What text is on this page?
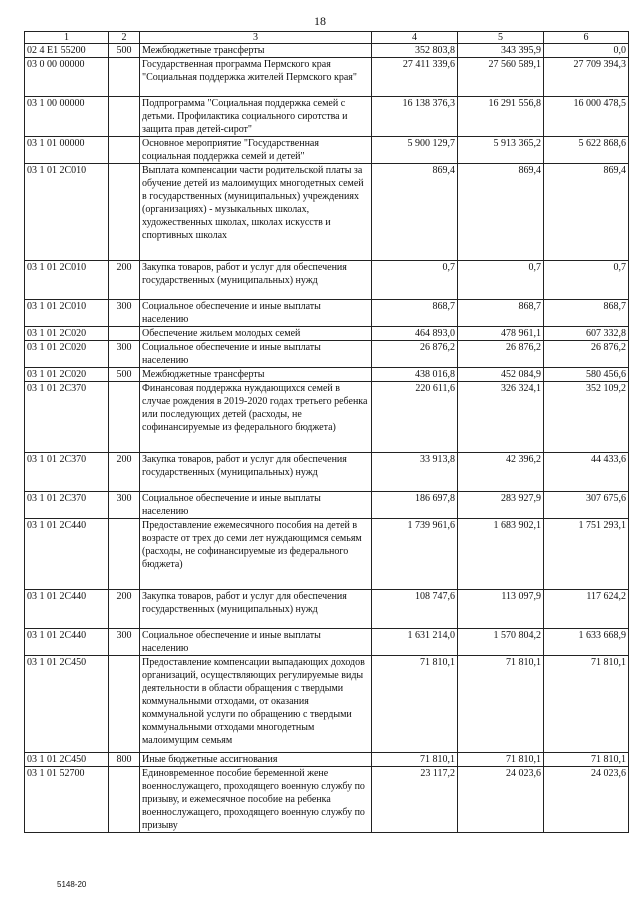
18
1	2	3	4	5	6
02 4 E1 55200	500	Межбюджетные трансферты	352 803,8	343 395,9	0,0
03 0 00 00000		Государственная программа Пермского края "Социальная поддержка жителей Пермского края"	27 411 339,6	27 560 589,1	27 709 394,3
03 1 00 00000		Подпрограмма "Социальная поддержка семей с детьми. Профилактика социального сиротства и защита прав детей-сирот"	16 138 376,3	16 291 556,8	16 000 478,5
03 1 01 00000		Основное мероприятие "Государственная социальная поддержка семей и детей"	5 900 129,7	5 913 365,2	5 622 868,6
03 1 01 2С010		Выплата компенсации части родительской платы за обучение детей из малоимущих многодетных семей в государственных (муниципальных) учреждениях (организациях) - музыкальных школах, художественных школах, школах искусств и спортивных школах	869,4	869,4	869,4
03 1 01 2С010	200	Закупка товаров, работ и услуг для обеспечения государственных (муниципальных) нужд	0,7	0,7	0,7
03 1 01 2С010	300	Социальное обеспечение и иные выплаты населению	868,7	868,7	868,7
03 1 01 2С020		Обеспечение жильем молодых семей	464 893,0	478 961,1	607 332,8
03 1 01 2С020	300	Социальное обеспечение и иные выплаты населению	26 876,2	26 876,2	26 876,2
03 1 01 2С020	500	Межбюджетные трансферты	438 016,8	452 084,9	580 456,6
03 1 01 2С370		Финансовая поддержка нуждающихся семей в случае рождения в 2019-2020 годах третьего ребенка или последующих детей (расходы, не софинансируемые из федерального бюджета)	220 611,6	326 324,1	352 109,2
03 1 01 2С370	200	Закупка товаров, работ и услуг для обеспечения государственных (муниципальных) нужд	33 913,8	42 396,2	44 433,6
03 1 01 2С370	300	Социальное обеспечение и иные выплаты населению	186 697,8	283 927,9	307 675,6
03 1 01 2С440		Предоставление ежемесячного пособия на детей в возрасте от трех до семи лет нуждающимся семьям (расходы, не софинансируемые из федерального бюджета)	1 739 961,6	1 683 902,1	1 751 293,1
03 1 01 2С440	200	Закупка товаров, работ и услуг для обеспечения государственных (муниципальных) нужд	108 747,6	113 097,9	117 624,2
03 1 01 2С440	300	Социальное обеспечение и иные выплаты населению	1 631 214,0	1 570 804,2	1 633 668,9
03 1 01 2С450		Предоставление компенсации выпадающих доходов организаций, осуществляющих регулируемые виды деятельности в области обращения с твердыми коммунальными отходами, от оказания коммунальной услуги по обращению с твердыми коммунальными отходами многодетным малоимущим семьям	71 810,1	71 810,1	71 810,1
03 1 01 2С450	800	Иные бюджетные ассигнования	71 810,1	71 810,1	71 810,1
03 1 01 52700		Единовременное пособие беременной жене военнослужащего, проходящего военную службу по призыву, и ежемесячное пособие на ребенка военнослужащего, проходящего военную службу по призыву	23 117,2	24 023,6	24 023,6
5148-20
